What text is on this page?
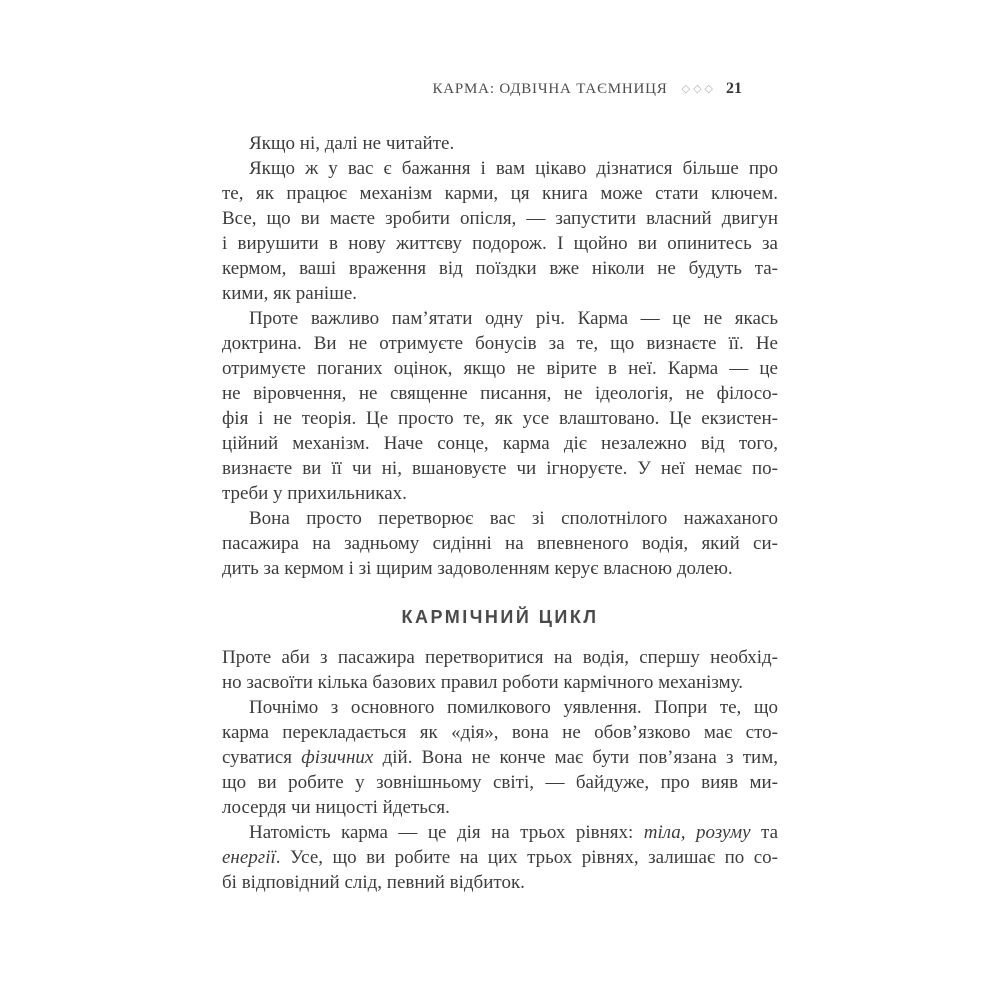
КАРМА: ОДВІЧНА ТАЄМНИЦЯ ◇◇◇ 21
Якщо ні, далі не читайте.
Якщо ж у вас є бажання і вам цікаво дізнатися більше про
те, як працює механізм карми, ця книга може стати ключем.
Все, що ви маєте зробити опісля, — запустити власний двигун
і вирушити в нову життєву подорож. І щойно ви опинитесь за
кермом, ваші враження від поїздки вже ніколи не будуть та-
кими, як раніше.
Проте важливо пам’ятати одну річ. Карма — це не якась
доктрина. Ви не отримуєте бонусів за те, що визнаєте її. Не
отримуєте поганих оцінок, якщо не вірите в неї. Карма — це
не віровчення, не священне писання, не ідеологія, не філосо-
фія і не теорія. Це просто те, як усе влаштовано. Це екзистен-
ційний механізм. Наче сонце, карма діє незалежно від того,
визнаєте ви її чи ні, вшановуєте чи ігноруєте. У неї немає по-
треби у прихильниках.
Вона просто перетворює вас зі сполотнілого нажаханого
пасажира на задньому сидінні на впевненого водія, який си-
дить за кермом і зі щирим задоволенням керує власною долею.
КАРМІЧНИЙ ЦИКЛ
Проте аби з пасажира перетворитися на водія, спершу необхід-
но засвоїти кілька базових правил роботи кармічного механізму.
Почнімо з основного помилкового уявлення. Попри те, що
карма перекладається як «дія», вона не обов’язково має сто-
суватися фізичних дій. Вона не конче має бути пов’язана з тим,
що ви робите у зовнішньому світі, — байдуже, про вияв ми-
лосердя чи ницості йдеться.
Натомість карма — це дія на трьох рівнях: тіла, розуму та
енергії. Усе, що ви робите на цих трьох рівнях, залишає по со-
бі відповідний слід, певний відбиток.
